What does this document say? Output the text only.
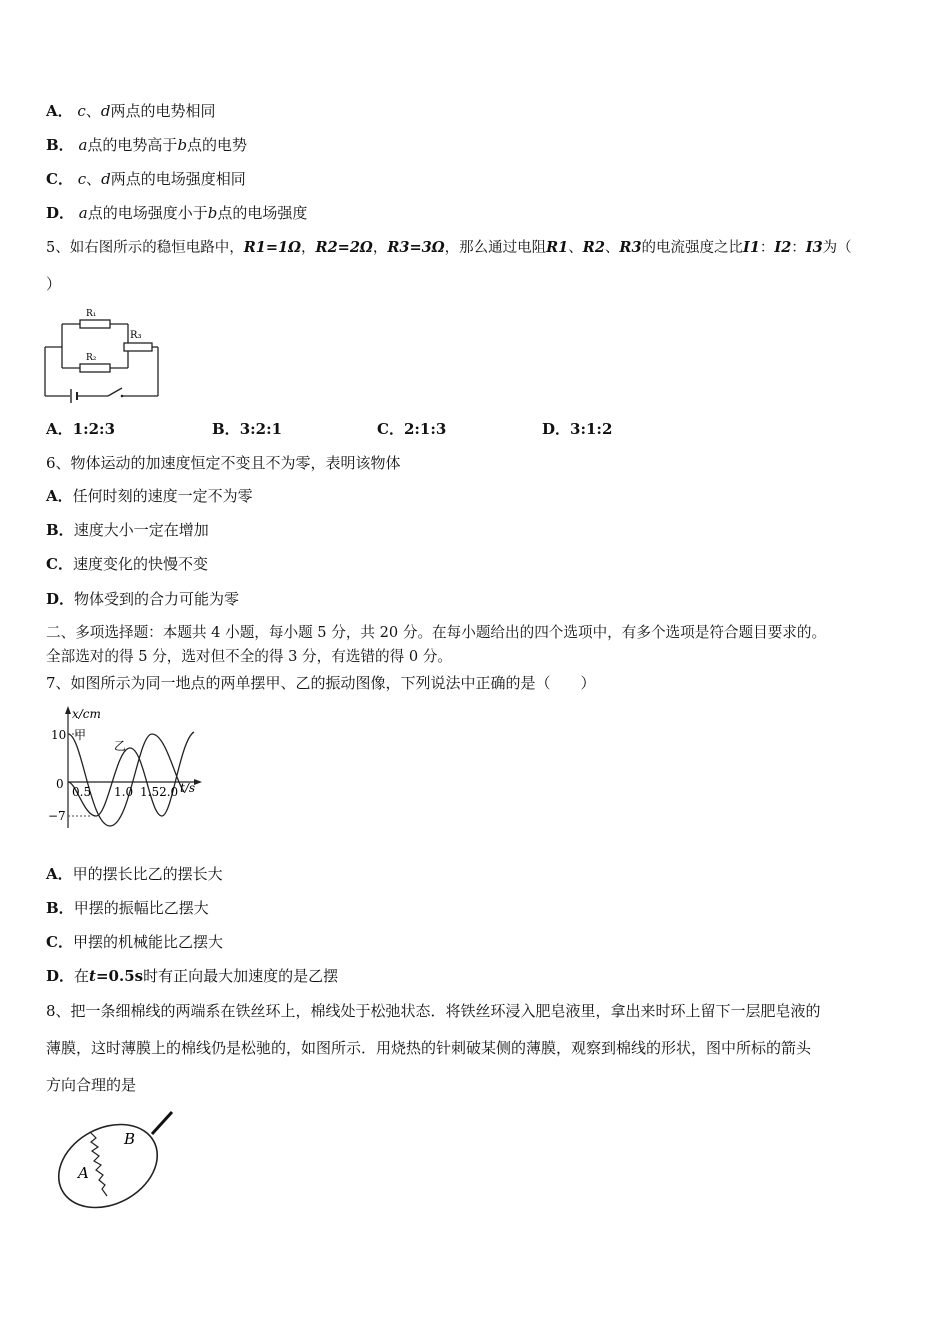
A． c、d两点的电势相同
B． a点的电势高于b点的电势
C． c、d两点的电场强度相同
D． a点的电场强度小于b点的电场强度
5、如右图所示的稳恒电路中，R1=1Ω，R2=2Ω，R3=3Ω，那么通过电阻R1、R2、R3的电流强度之比I1：I2：I3为（
）
R₁
R₂
R₃
A．1:2:3	B．3:2:1	C．2:1:3	D．3:1:2
6、物体运动的加速度恒定不变且不为零，表明该物体
A．任何时刻的速度一定不为零
B．速度大小一定在增加
C．速度变化的快慢不变
D．物体受到的合力可能为零
二、多项选择题：本题共 4 小题，每小题 5 分，共 20 分。在每小题给出的四个选项中，有多个选项是符合题目要求的。
全部选对的得 5 分，选对但不全的得 3 分，有选错的得 0 分。
7、如图所示为同一地点的两单摆甲、乙的振动图像，下列说法中正确的是（　　）
x/cm
t/s
10
0
−7
甲
乙
0.5 1.0 1.52.0
A．甲的摆长比乙的摆长大
B．甲摆的振幅比乙摆大
C．甲摆的机械能比乙摆大
D．在t=0.5s时有正向最大加速度的是乙摆
8、把一条细棉线的两端系在铁丝环上，棉线处于松弛状态．将铁丝环浸入肥皂液里，拿出来时环上留下一层肥皂液的
薄膜，这时薄膜上的棉线仍是松驰的，如图所示．用烧热的针刺破某侧的薄膜，观察到棉线的形状，图中所标的箭头
方向合理的是
A
B
